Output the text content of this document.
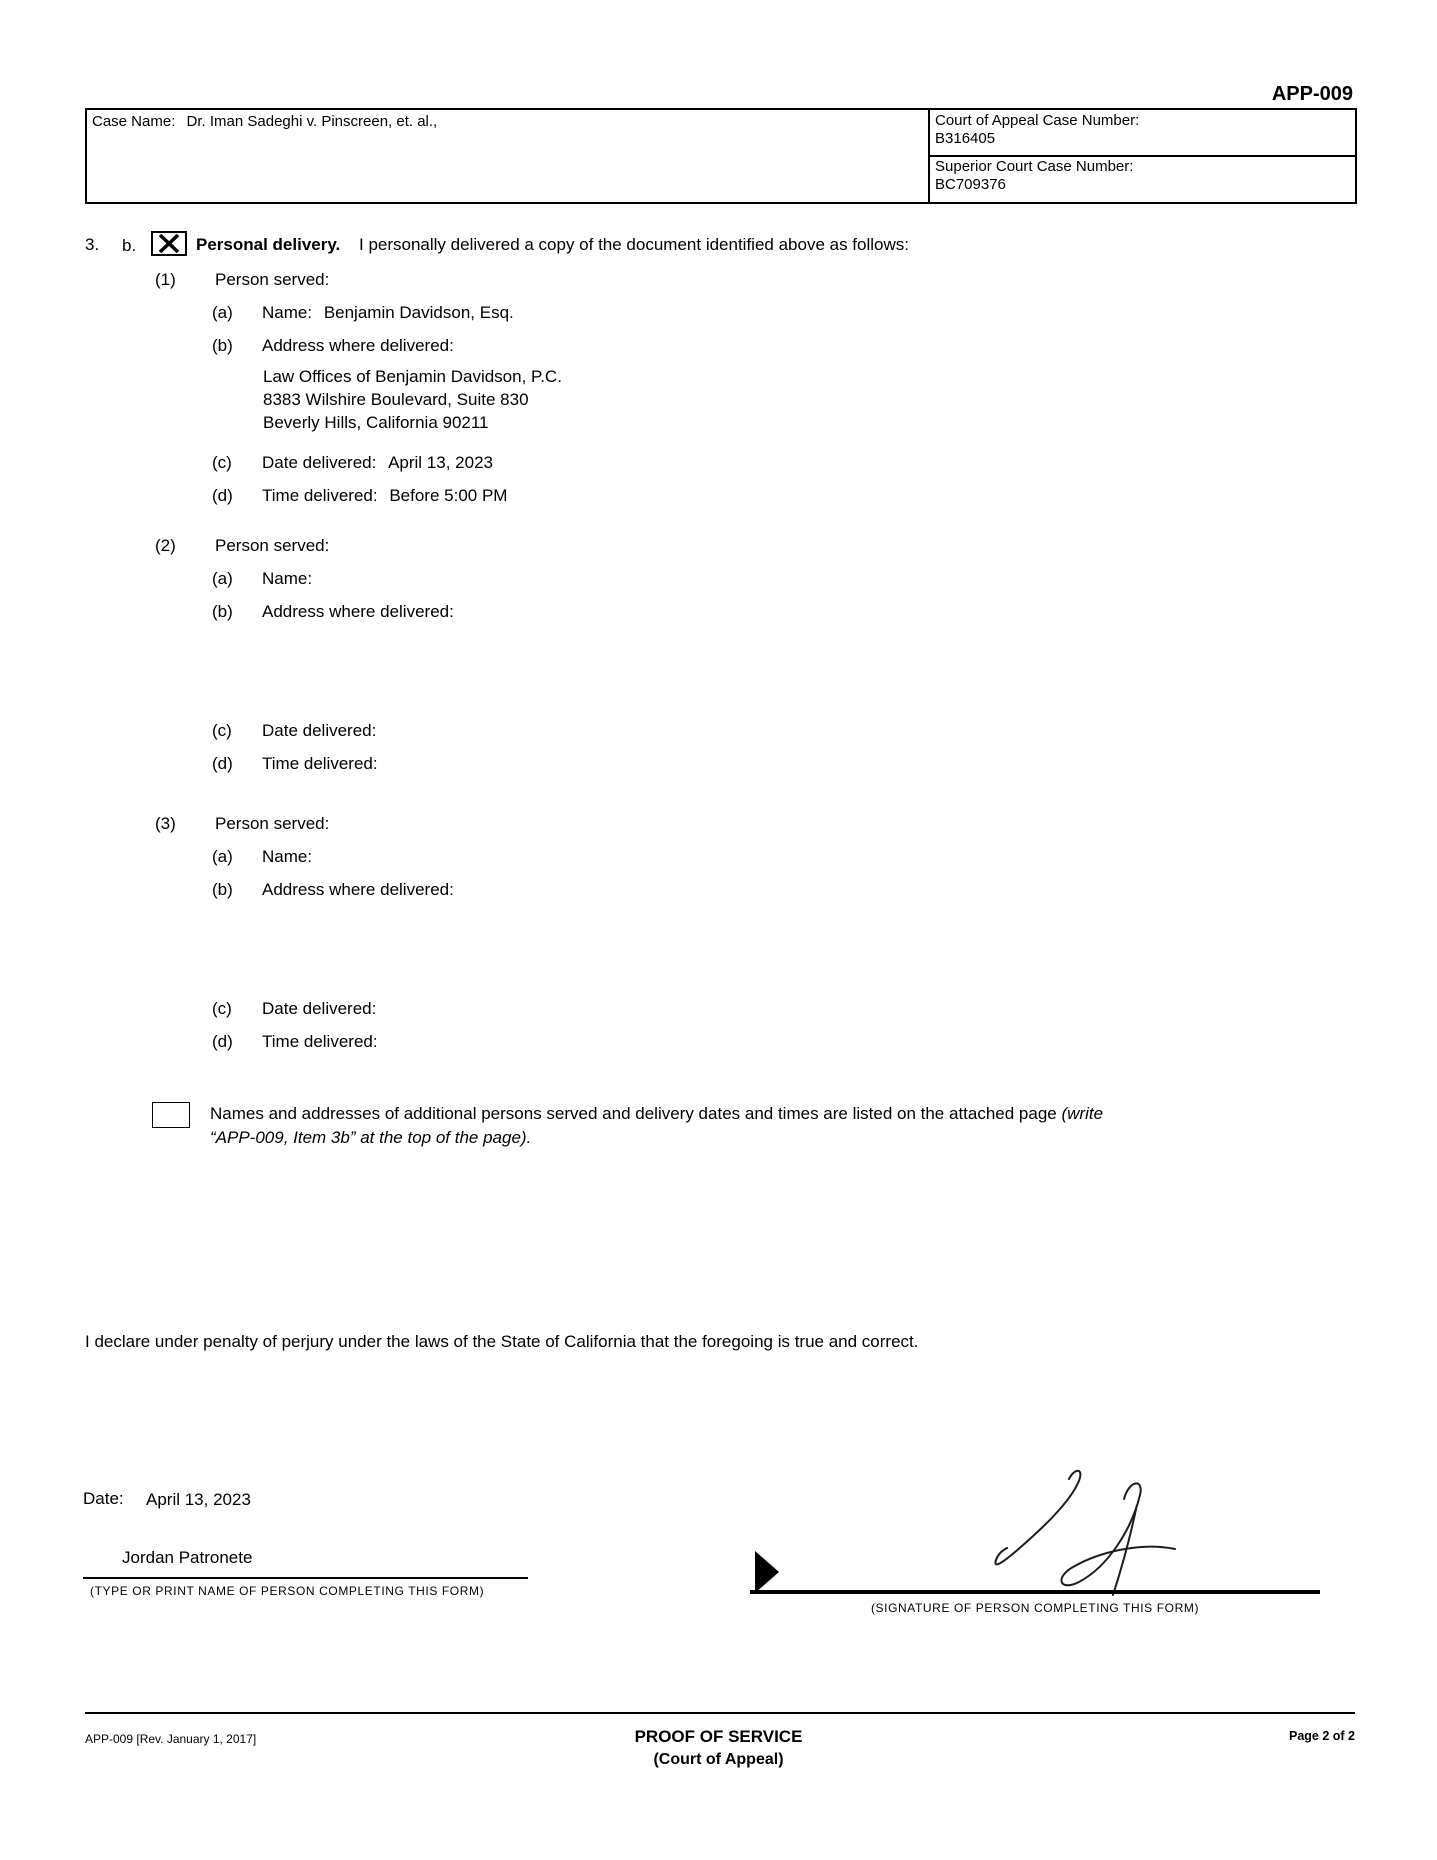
APP-009
Case Name: Dr. Iman Sadeghi v. Pinscreen, et. al.,	Court of Appeal Case Number:
B316405
Superior Court Case Number:
BC709376
3. b.	Personal delivery. I personally delivered a copy of the document identified above as follows:
(1) Person served:
(a) Name: Benjamin Davidson, Esq.
(b) Address where delivered:
Law Offices of Benjamin Davidson, P.C.
8383 Wilshire Boulevard, Suite 830
Beverly Hills, California 90211
(c) Date delivered: April 13, 2023
(d) Time delivered: Before 5:00 PM
(2) Person served:
(a) Name:
(b) Address where delivered:
(c) Date delivered:
(d) Time delivered:
(3) Person served:
(a) Name:
(b) Address where delivered:
(c) Date delivered:
(d) Time delivered:
Names and addresses of additional persons served and delivery dates and times are listed on the attached page (write
“APP-009, Item 3b” at the top of the page).
I declare under penalty of perjury under the laws of the State of California that the foregoing is true and correct.
Date: April 13, 2023
Jordan Patronete
(TYPE OR PRINT NAME OF PERSON COMPLETING THIS FORM)
(SIGNATURE OF PERSON COMPLETING THIS FORM)
APP-009 [Rev. January 1, 2017]	PROOF OF SERVICE
(Court of Appeal)
Page 2 of 2
